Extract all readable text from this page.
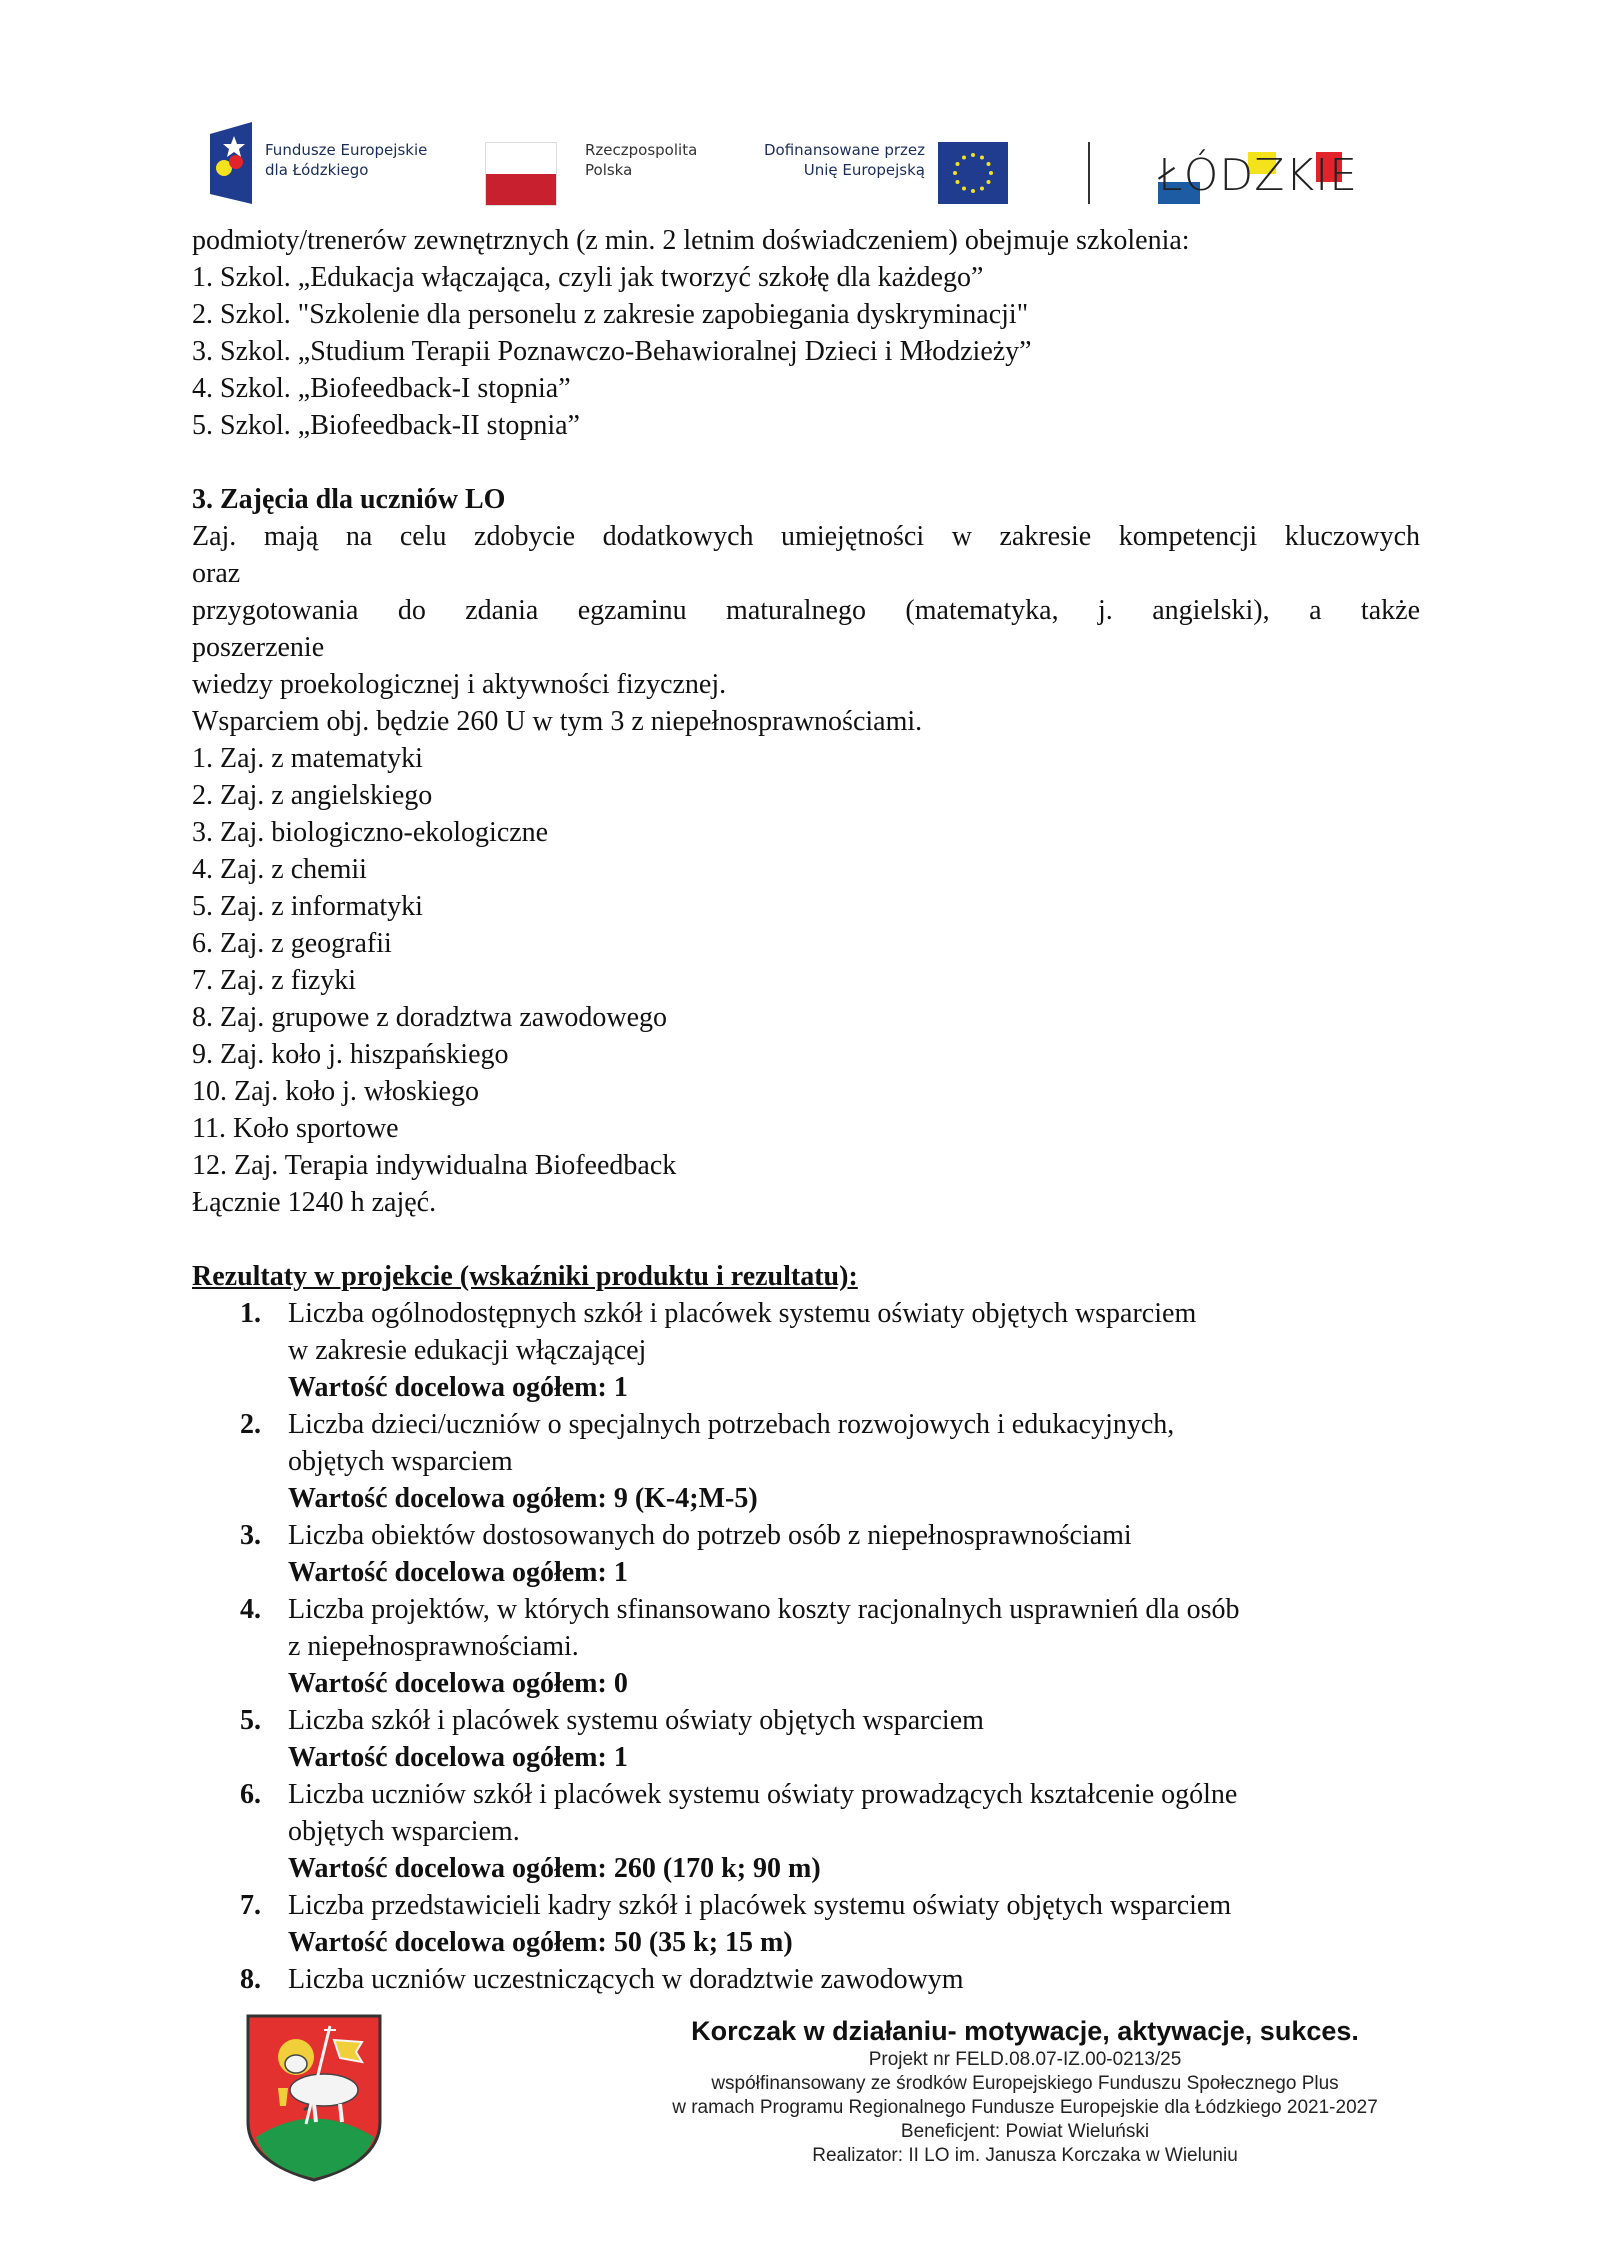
Fundusze Europejskie
dla Łódzkiego
Rzeczpospolita
Polska
Dofinansowane przez
Unię Europejską	ŁÓDZKIE
podmioty/trenerów zewnętrznych (z min. 2 letnim doświadczeniem) obejmuje szkolenia:
1. Szkol. „Edukacja włączająca, czyli jak tworzyć szkołę dla każdego”
2. Szkol. "Szkolenie dla personelu z zakresie zapobiegania dyskryminacji"
3. Szkol. „Studium Terapii Poznawczo-Behawioralnej Dzieci i Młodzieży”
4. Szkol. „Biofeedback-I stopnia”
5. Szkol. „Biofeedback-II stopnia”
3. Zajęcia dla uczniów LO
Zaj. mają na celu zdobycie dodatkowych umiejętności w zakresie kompetencji kluczowych
oraz
przygotowania do zdania egzaminu maturalnego (matematyka, j. angielski), a także
poszerzenie
wiedzy proekologicznej i aktywności fizycznej.
Wsparciem obj. będzie 260 U w tym 3 z niepełnosprawnościami.
1. Zaj. z matematyki
2. Zaj. z angielskiego
3. Zaj. biologiczno-ekologiczne
4. Zaj. z chemii
5. Zaj. z informatyki
6. Zaj. z geografii
7. Zaj. z fizyki
8. Zaj. grupowe z doradztwa zawodowego
9. Zaj. koło j. hiszpańskiego
10. Zaj. koło j. włoskiego
11. Koło sportowe
12. Zaj. Terapia indywidualna Biofeedback
Łącznie 1240 h zajęć.
Rezultaty w projekcie (wskaźniki produktu i rezultatu):
1. Liczba ogólnodostępnych szkół i placówek systemu oświaty objętych wsparciem
w zakresie edukacji włączającej
Wartość docelowa ogółem: 1
2. Liczba dzieci/uczniów o specjalnych potrzebach rozwojowych i edukacyjnych,
objętych wsparciem
Wartość docelowa ogółem: 9 (K-4;M-5)
3. Liczba obiektów dostosowanych do potrzeb osób z niepełnosprawnościami
Wartość docelowa ogółem: 1
4. Liczba projektów, w których sfinansowano koszty racjonalnych usprawnień dla osób
z niepełnosprawnościami.
Wartość docelowa ogółem: 0
5. Liczba szkół i placówek systemu oświaty objętych wsparciem
Wartość docelowa ogółem: 1
6. Liczba uczniów szkół i placówek systemu oświaty prowadzących kształcenie ogólne
objętych wsparciem.
Wartość docelowa ogółem: 260 (170 k; 90 m)
7. Liczba przedstawicieli kadry szkół i placówek systemu oświaty objętych wsparciem
Wartość docelowa ogółem: 50 (35 k; 15 m)
8. Liczba uczniów uczestniczących w doradztwie zawodowym
Korczak w działaniu- motywacje, aktywacje, sukces.
Projekt nr FELD.08.07-IZ.00-0213/25
współfinansowany ze środków Europejskiego Funduszu Społecznego Plus
w ramach Programu Regionalnego Fundusze Europejskie dla Łódzkiego 2021-2027
Beneficjent: Powiat Wieluński
Realizator: II LO im. Janusza Korczaka w Wieluniu
